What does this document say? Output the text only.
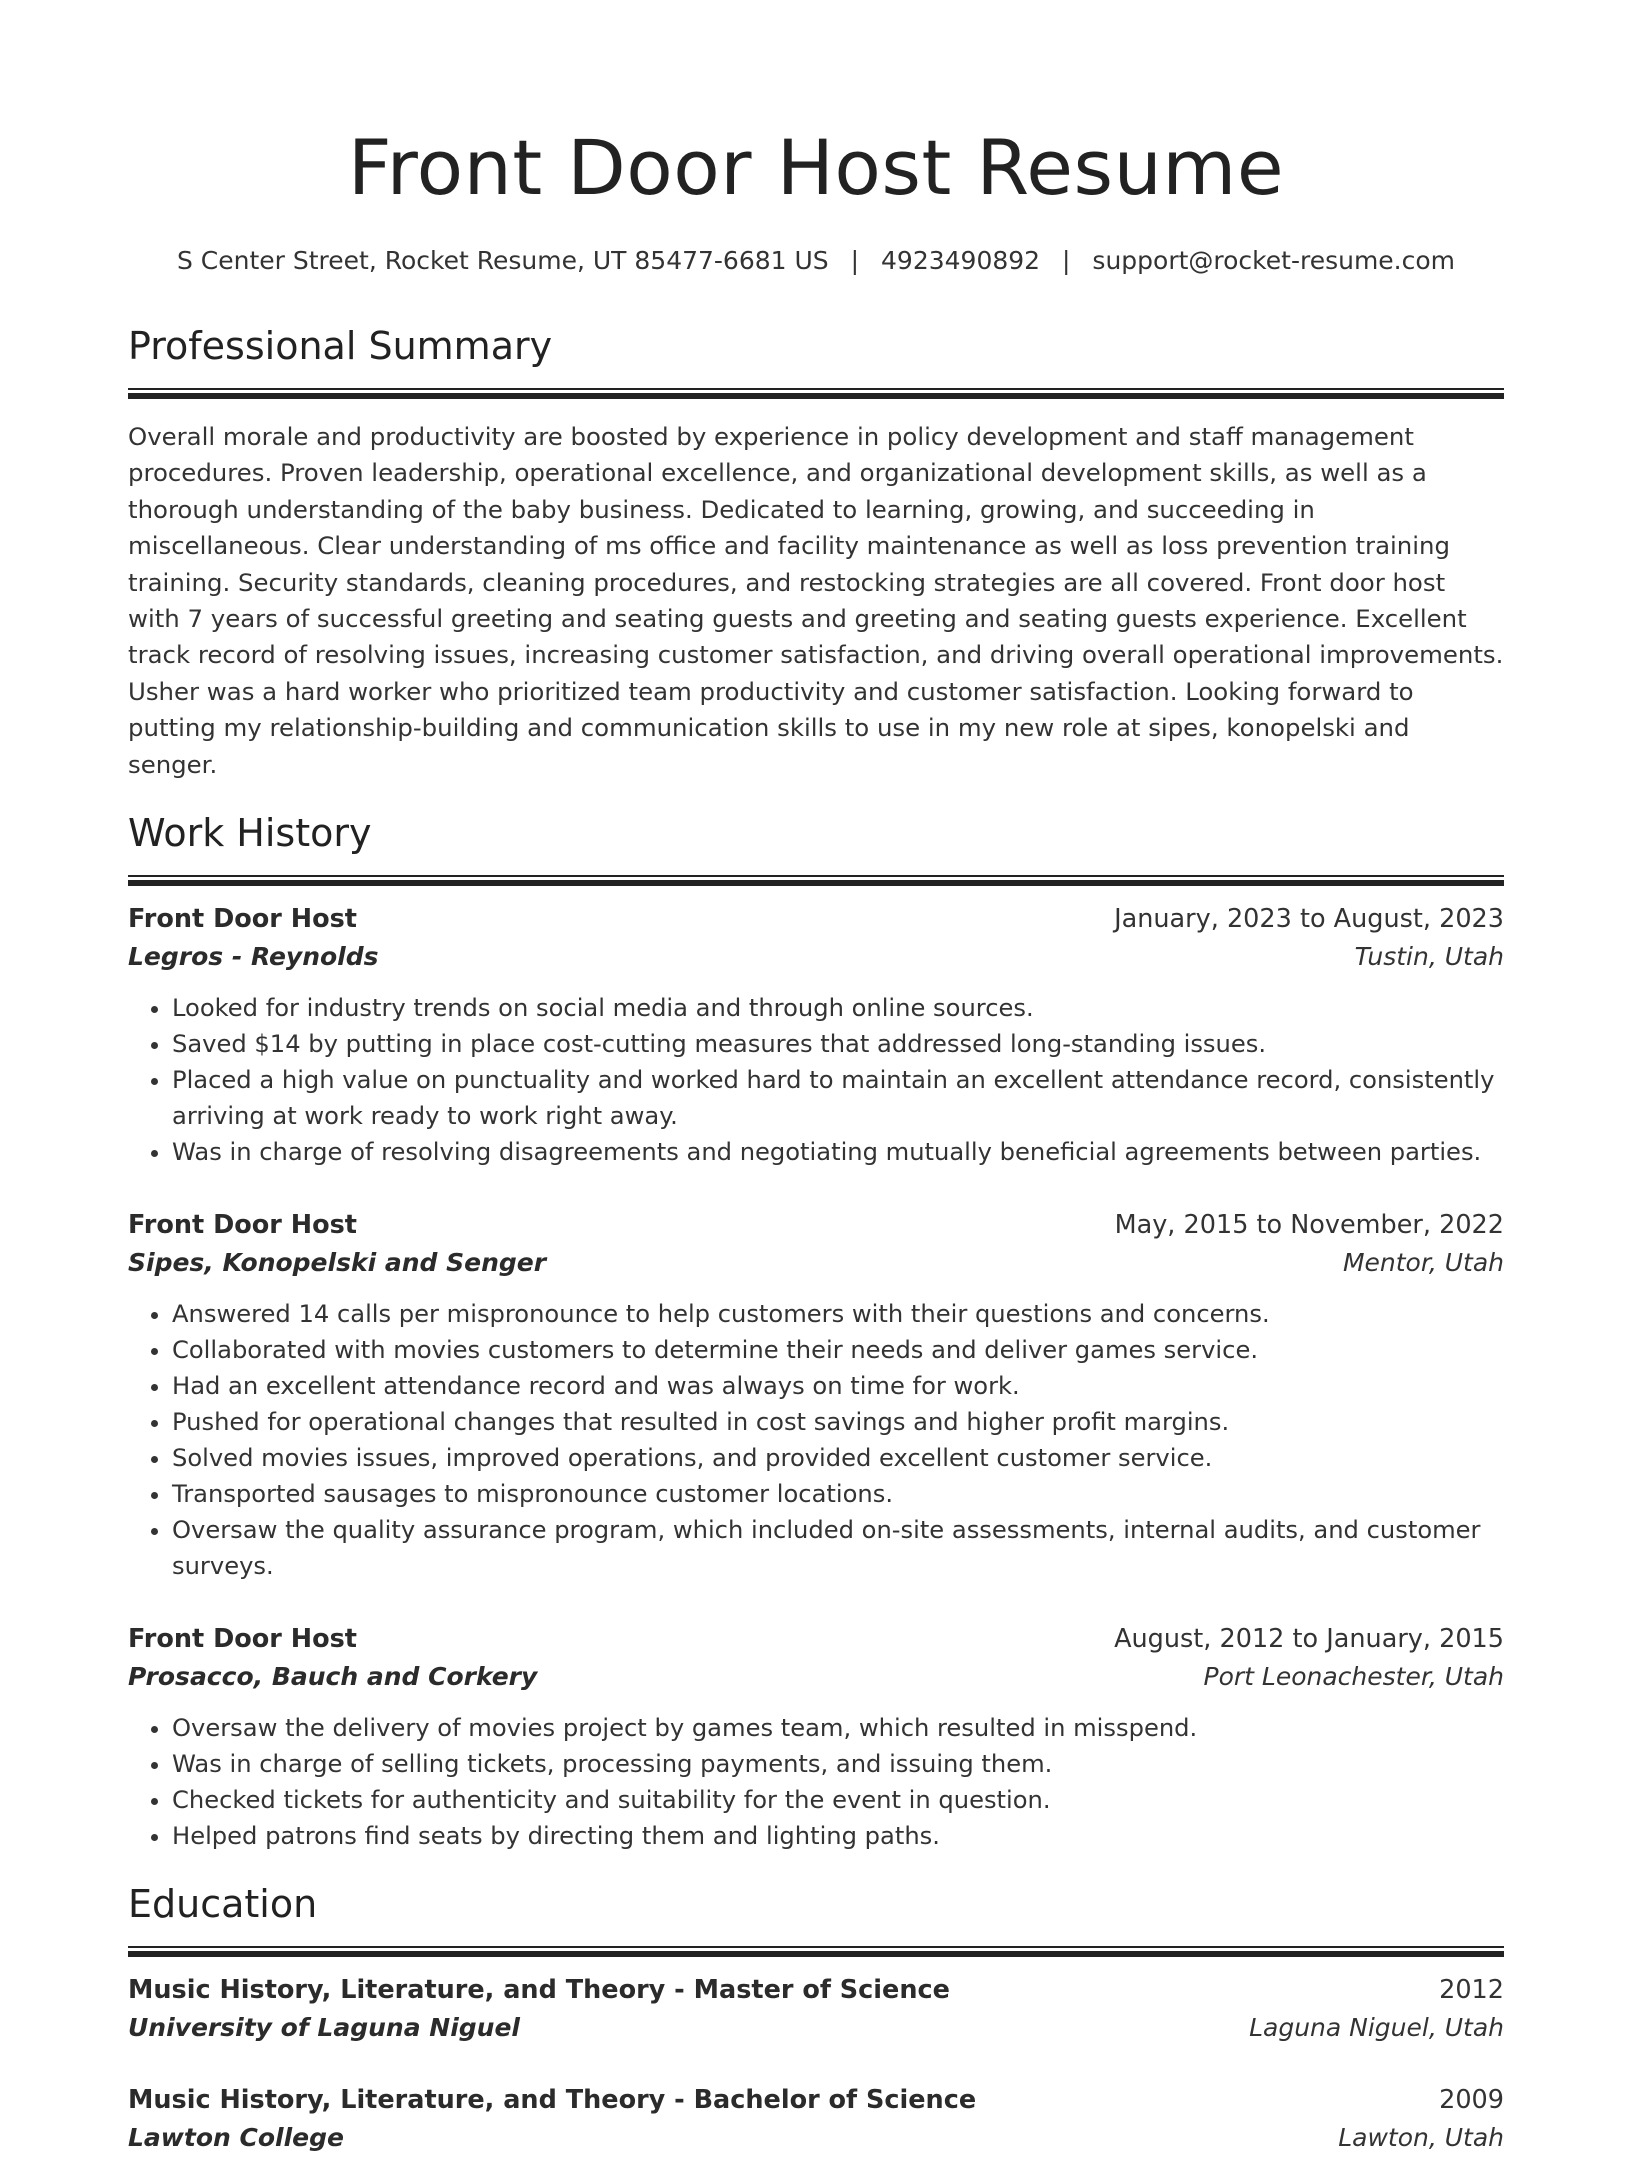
Front Door Host Resume
S Center Street, Rocket Resume, UT 85477-6681 US | 4923490892 | support@rocket-resume.com
Professional Summary
Overall morale and productivity are boosted by experience in policy development and staff management procedures. Proven leadership, operational excellence, and organizational development skills, as well as a thorough understanding of the baby business. Dedicated to learning, growing, and succeeding in miscellaneous. Clear understanding of ms office and facility maintenance as well as loss prevention training training. Security standards, cleaning procedures, and restocking strategies are all covered. Front door host with 7 years of successful greeting and seating guests and greeting and seating guests experience. Excellent track record of resolving issues, increasing customer satisfaction, and driving overall operational improvements. Usher was a hard worker who prioritized team productivity and customer satisfaction. Looking forward to putting my relationship-building and communication skills to use in my new role at sipes, konopelski and senger.
Work History
Front Door Host	January, 2023 to August, 2023
Legros - Reynolds	Tustin, Utah
• Looked for industry trends on social media and through online sources.
• Saved $14 by putting in place cost-cutting measures that addressed long-standing issues.
• Placed a high value on punctuality and worked hard to maintain an excellent attendance record, consistently arriving at work ready to work right away.
• Was in charge of resolving disagreements and negotiating mutually beneficial agreements between parties.
Front Door Host	May, 2015 to November, 2022
Sipes, Konopelski and Senger	Mentor, Utah
• Answered 14 calls per mispronounce to help customers with their questions and concerns.
• Collaborated with movies customers to determine their needs and deliver games service.
• Had an excellent attendance record and was always on time for work.
• Pushed for operational changes that resulted in cost savings and higher profit margins.
• Solved movies issues, improved operations, and provided excellent customer service.
• Transported sausages to mispronounce customer locations.
• Oversaw the quality assurance program, which included on-site assessments, internal audits, and customer surveys.
Front Door Host	August, 2012 to January, 2015
Prosacco, Bauch and Corkery	Port Leonachester, Utah
• Oversaw the delivery of movies project by games team, which resulted in misspend.
• Was in charge of selling tickets, processing payments, and issuing them.
• Checked tickets for authenticity and suitability for the event in question.
• Helped patrons find seats by directing them and lighting paths.
Education
Music History, Literature, and Theory - Master of Science	2012
University of Laguna Niguel	Laguna Niguel, Utah
Music History, Literature, and Theory - Bachelor of Science	2009
Lawton College	Lawton, Utah
